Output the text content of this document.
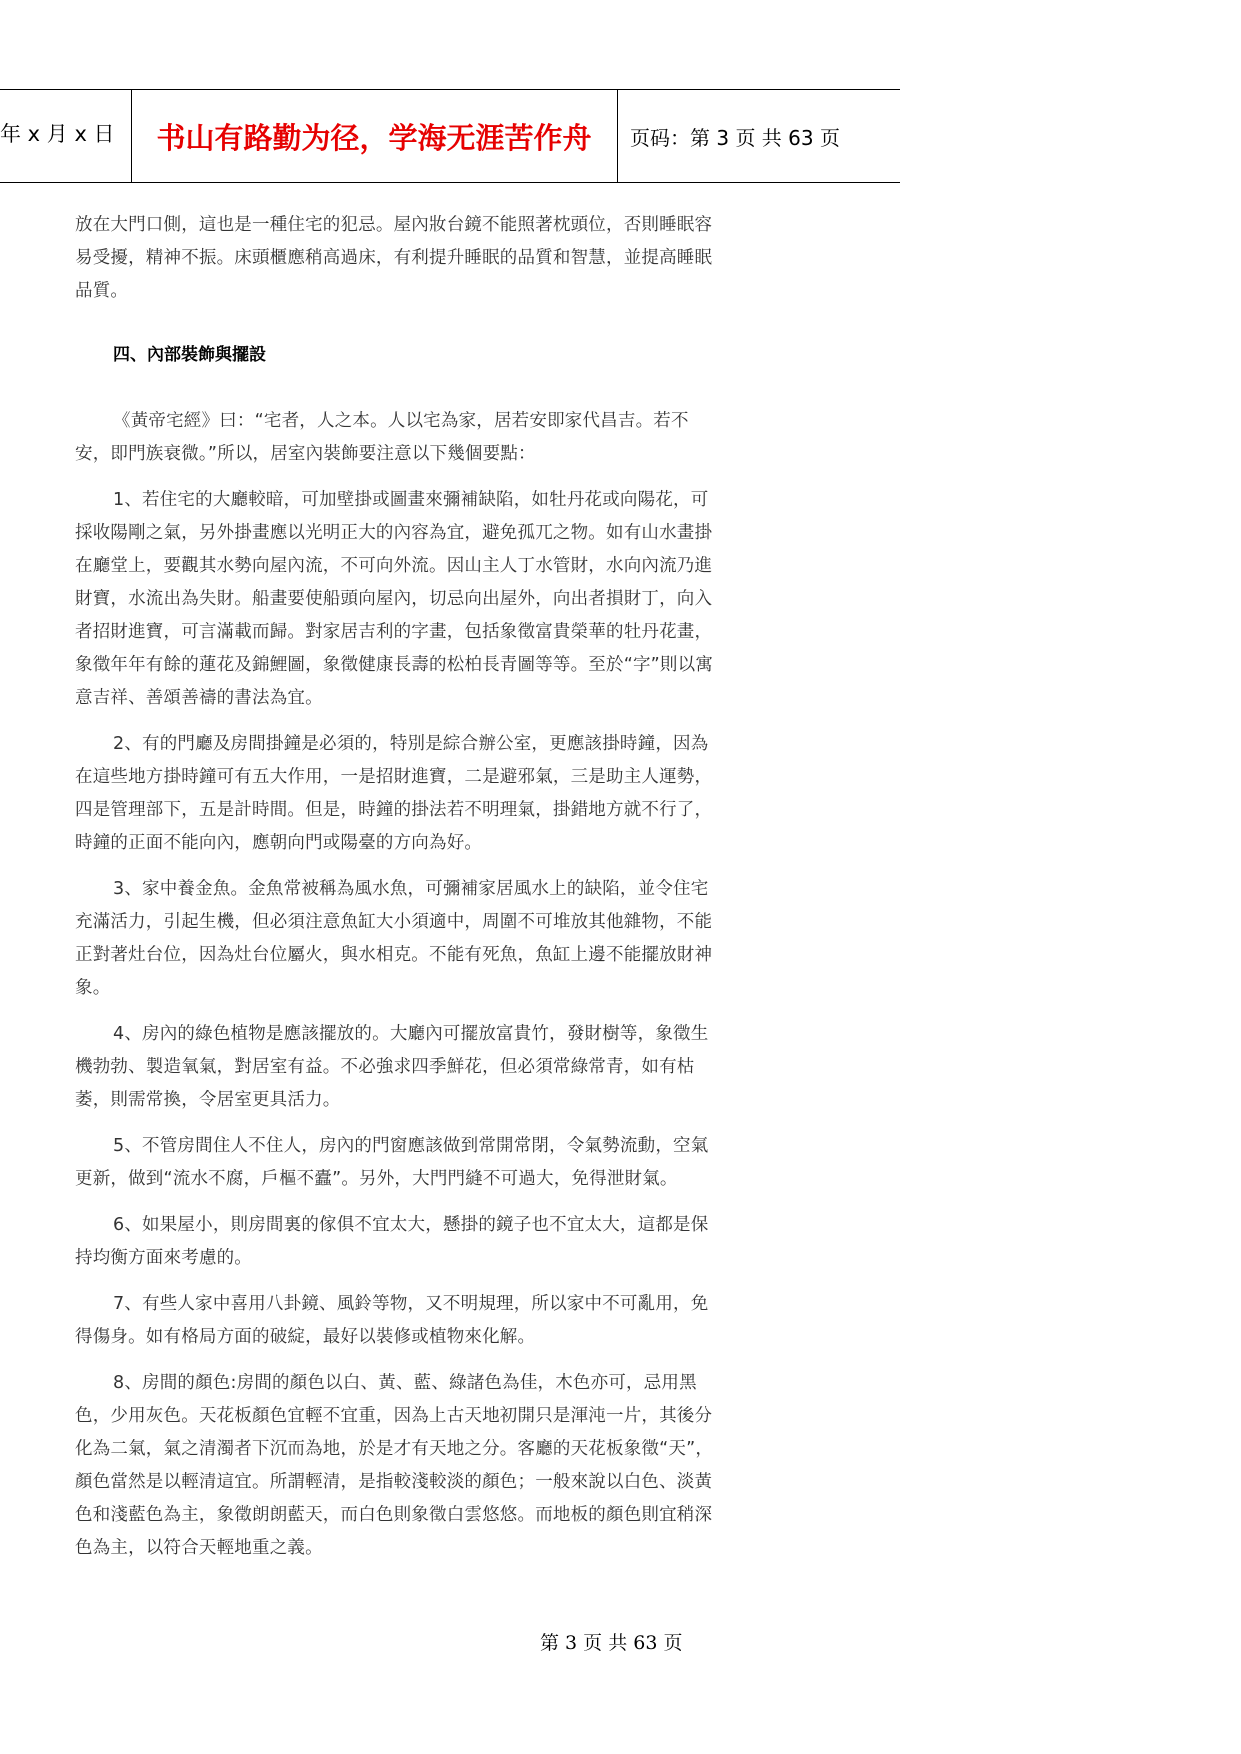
年 x 月 x 日	书山有路勤为径，学海无涯苦作舟	页码：第 3 页 共 63 页

放在大門口側，這也是一種住宅的犯忌。屋內妝台鏡不能照著枕頭位，否則睡眠容易受擾，精神不振。床頭櫃應稍高過床，有利提升睡眠的品質和智慧，並提高睡眠品質。

四、內部裝飾與擺設

《黃帝宅經》曰：“宅者，人之本。人以宅為家，居若安即家代昌吉。若不安，即門族衰微。”所以，居室內裝飾要注意以下幾個要點：

1、若住宅的大廳較暗，可加壁掛或圖畫來彌補缺陷，如牡丹花或向陽花，可採收陽剛之氣，另外掛畫應以光明正大的內容為宜，避免孤兀之物。如有山水畫掛在廳堂上，要觀其水勢向屋內流，不可向外流。因山主人丁水管財，水向內流乃進財寶，水流出為失財。船畫要使船頭向屋內，切忌向出屋外，向出者損財丁，向入者招財進寶，可言滿載而歸。對家居吉利的字畫，包括象徵富貴榮華的牡丹花畫，象徵年年有餘的蓮花及錦鯉圖，象徵健康長壽的松柏長青圖等等。至於“字”則以寓意吉祥、善頌善禱的書法為宜。

2、有的門廳及房間掛鐘是必須的，特別是綜合辦公室，更應該掛時鐘，因為在這些地方掛時鐘可有五大作用，一是招財進寶，二是避邪氣，三是助主人運勢，四是管理部下，五是計時間。但是，時鐘的掛法若不明理氣，掛錯地方就不行了，時鐘的正面不能向內，應朝向門或陽臺的方向為好。

3、家中養金魚。金魚常被稱為風水魚，可彌補家居風水上的缺陷，並令住宅充滿活力，引起生機，但必須注意魚缸大小須適中，周圍不可堆放其他雜物，不能正對著灶台位，因為灶台位屬火，與水相克。不能有死魚，魚缸上邊不能擺放財神象。

4、房內的綠色植物是應該擺放的。大廳內可擺放富貴竹，發財樹等，象徵生機勃勃、製造氧氣，對居室有益。不必強求四季鮮花，但必須常綠常青，如有枯萎，則需常換，令居室更具活力。

5、不管房間住人不住人，房內的門窗應該做到常開常閉，令氣勢流動，空氣更新，做到“流水不腐，戶樞不蠹”。另外，大門門縫不可過大，免得泄財氣。

6、如果屋小，則房間裏的傢俱不宜太大，懸掛的鏡子也不宜太大，這都是保持均衡方面來考慮的。

7、有些人家中喜用八卦鏡、風鈴等物，又不明規理，所以家中不可亂用，免得傷身。如有格局方面的破綻，最好以裝修或植物來化解。

8、房間的顏色:房間的顏色以白、黃、藍、綠諸色為佳，木色亦可，忌用黑色，少用灰色。天花板顏色宜輕不宜重，因為上古天地初開只是渾沌一片，其後分化為二氣，氣之清濁者下沉而為地，於是才有天地之分。客廳的天花板象徵“天”，顏色當然是以輕清這宜。所謂輕清，是指較淺較淡的顏色；一般來說以白色、淡黃色和淺藍色為主，象徵朗朗藍天，而白色則象徵白雲悠悠。而地板的顏色則宜稍深色為主，以符合天輕地重之義。

第 3 页 共 63 页
